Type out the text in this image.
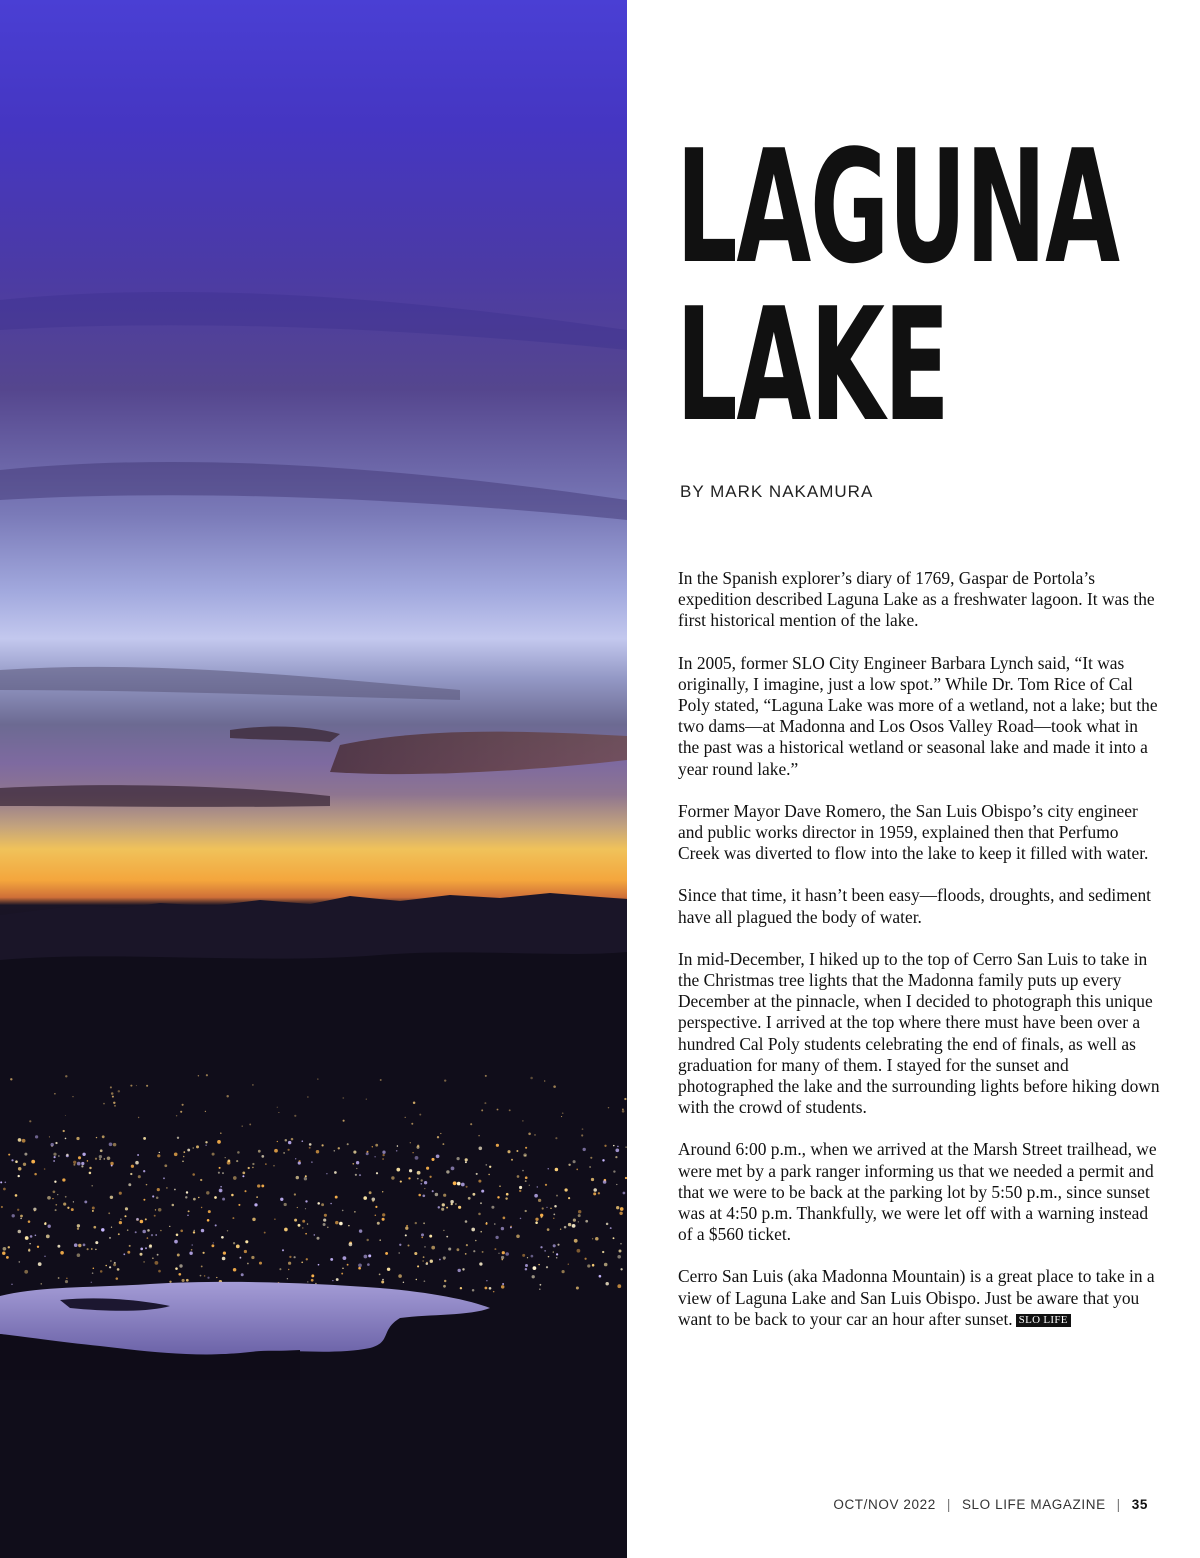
LAGUNA
LAKE

BY MARK NAKAMURA

In the Spanish explorer’s diary of 1769, Gaspar de Portola’s expedition described Laguna Lake as a freshwater lagoon. It was the first historical mention of the lake.

In 2005, former SLO City Engineer Barbara Lynch said, “It was originally, I imagine, just a low spot.” While Dr. Tom Rice of Cal Poly stated, “Laguna Lake was more of a wetland, not a lake; but the two dams—at Madonna and Los Osos Valley Road—took what in the past was a historical wetland or seasonal lake and made it into a year round lake.”

Former Mayor Dave Romero, the San Luis Obispo’s city engineer and public works director in 1959, explained then that Perfumo Creek was diverted to flow into the lake to keep it filled with water.

Since that time, it hasn’t been easy—floods, droughts, and sediment have all plagued the body of water.

In mid-December, I hiked up to the top of Cerro San Luis to take in the Christmas tree lights that the Madonna family puts up every December at the pinnacle, when I decided to photograph this unique perspective. I arrived at the top where there must have been over a hundred Cal Poly students celebrating the end of finals, as well as graduation for many of them. I stayed for the sunset and photographed the lake and the surrounding lights before hiking down with the crowd of students.

Around 6:00 p.m., when we arrived at the Marsh Street trailhead, we were met by a park ranger informing us that we needed a permit and that we were to be back at the parking lot by 5:50 p.m., since sunset was at 4:50 p.m. Thankfully, we were let off with a warning instead of a $560 ticket.

Cerro San Luis (aka Madonna Mountain) is a great place to take in a view of Laguna Lake and San Luis Obispo. Just be aware that you want to be back to your car an hour after sunset. SLO LIFE

OCT/NOV 2022 | SLO LIFE MAGAZINE | 35
